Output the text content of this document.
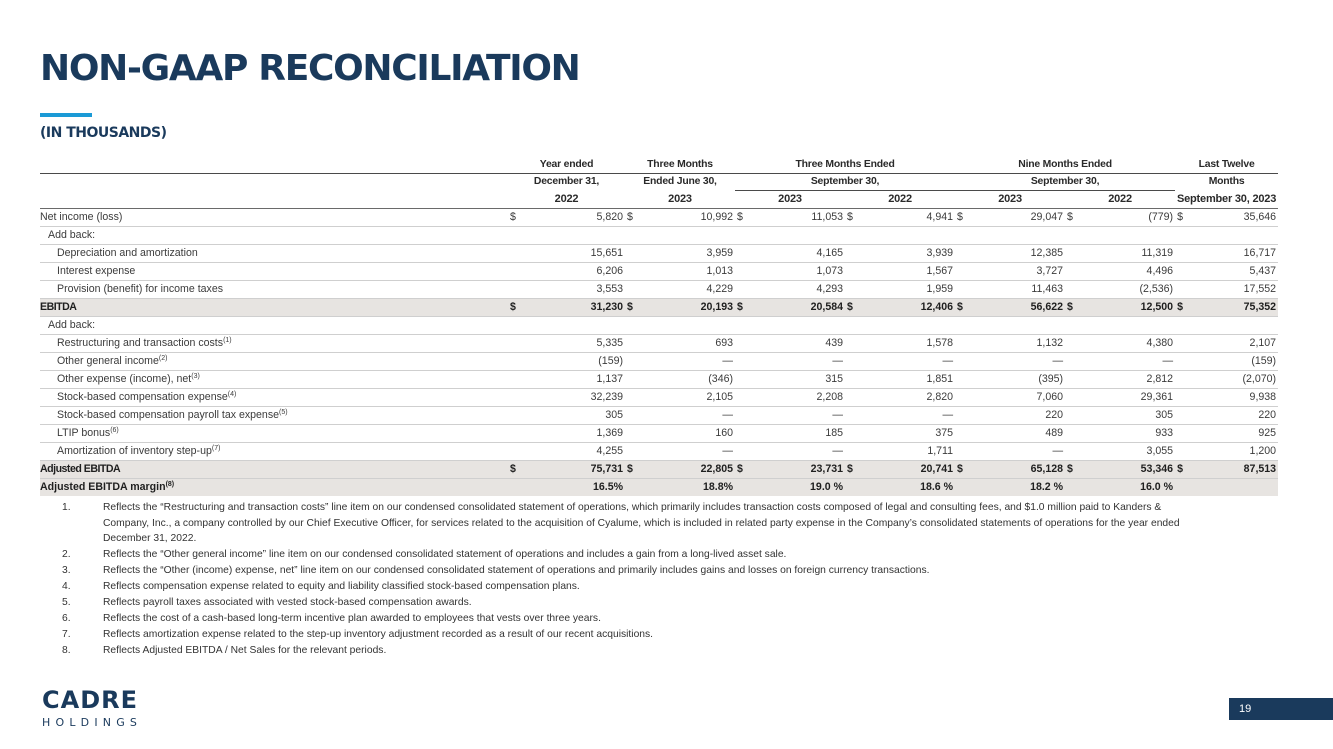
NON-GAAP RECONCILIATION
(IN THOUSANDS)
	Year ended		Three Months		Three Months Ended				Nine Months Ended				Last Twelve	
	December 31,		Ended June 30,		September 30,				September 30,				Months	
	2022		2023		2023		2022		2023		2022		September 30, 2023	
Net income (loss)	$	5,820	$	10,992	$	11,053	$	4,941	$	29,047	$	(779)	$	35,646
Add back:														
Depreciation and amortization		15,651		3,959		4,165		3,939		12,385		11,319		16,717
Interest expense		6,206		1,013		1,073		1,567		3,727		4,496		5,437
Provision (benefit) for income taxes		3,553		4,229		4,293		1,959		11,463		(2,536)		17,552
EBITDA	$	31,230	$	20,193	$	20,584	$	12,406	$	56,622	$	12,500	$	75,352
Add back:														
Restructuring and transaction costs$^{(1)}$		5,335		693		439		1,578		1,132		4,380		2,107
Other general income$^{(2)}$		(159)		—		—		—		—		—		(159)
Other expense (income), net$^{(3)}$		1,137		(346)		315		1,851		(395)		2,812		(2,070)
Stock-based compensation expense$^{(4)}$		32,239		2,105		2,208		2,820		7,060		29,361		9,938
Stock-based compensation payroll tax expense$^{(5)}$		305		—		—		—		220		305		220
LTIP bonus$^{(6)}$		1,369		160		185		375		489		933		925
Amortization of inventory step-$up^{(7)}$		4,255		—		—		1,711		—		3,055		1,200
Adjusted EBITDA	$	75,731	$	22,805	$	23,731	$	20,741	$	65,128	$	53,346	$	87,513
Adjusted EBITDA margin$^{(8)}$		16.5%		18.8%		19.0 %		18.6 %		18.2 %		16.0 %		
1.	Reflects the “Restructuring and transaction costs” line item on our condensed consolidated statement of operations, which primarily includes transaction costs composed of legal and consulting fees, and $1.0 million paid to Kanders & Company, Inc., a company controlled by our Chief Executive Officer, for services related to the acquisition of Cyalume, which is included in related party expense in the Company’s consolidated statements of operations for the year ended December 31, 2022.
2.	Reflects the “Other general income” line item on our condensed consolidated statement of operations and includes a gain from a long-lived asset sale.
3.	Reflects the “Other (income) expense, net” line item on our condensed consolidated statement of operations and primarily includes gains and losses on foreign currency transactions.
4.	Reflects compensation expense related to equity and liability classified stock-based compensation plans.
5.	Reflects payroll taxes associated with vested stock-based compensation awards.
6.	Reflects the cost of a cash-based long-term incentive plan awarded to employees that vests over three years.
7.	Reflects amortization expense related to the step-up inventory adjustment recorded as a result of our recent acquisitions.
8.	Reflects Adjusted EBITDA / Net Sales for the relevant periods.
CADRE
HOLDINGS
19
